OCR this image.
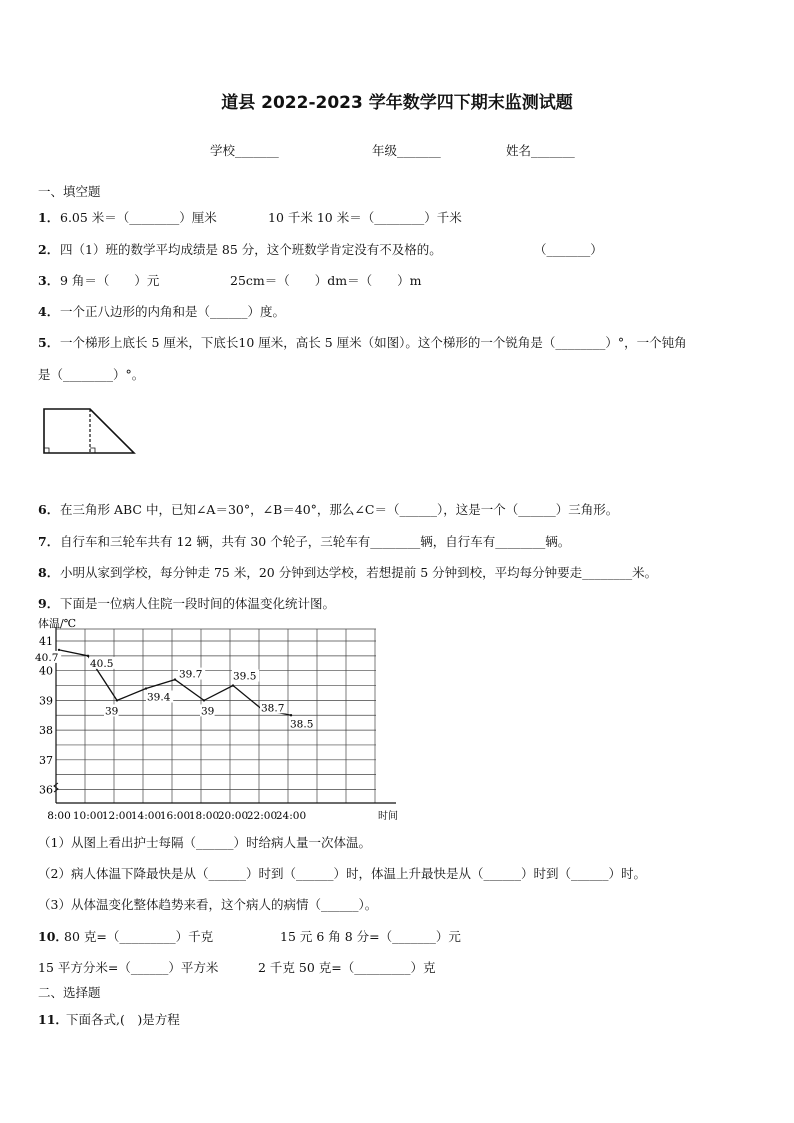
道县 2022-2023 学年数学四下期末监测试题
学校_______	年级_______	姓名_______
一、填空题
1． 6.05 米＝（________）厘米	10 千米 10 米＝（________）千米
2． 四（1）班的数学平均成绩是 85 分，这个班数学肯定没有不及格的。	（_______）
3． 9 角＝（　　）元	25cm＝（　　）dm＝（　　）m
4． 一个正八边形的内角和是（______）度。
5． 一个梯形上底长 5 厘米，下底长10 厘米，高长 5 厘米（如图）。这个梯形的一个锐角是（________）°，一个钝角
是（________）°。
6． 在三角形 ABC 中，已知∠A＝30°，∠B＝40°，那么∠C＝（______），这是一个（______）三角形。
7． 自行车和三轮车共有 12 辆，共有 30 个轮子，三轮车有________辆，自行车有________辆。
8． 小明从家到学校，每分钟走 75 米，20 分钟到达学校，若想提前 5 分钟到校，平均每分钟要走________米。
9． 下面是一位病人住院一段时间的体温变化统计图。
体温/℃
时间
36
37
38
39
40
41
8:00 10:00
12:00
14:00
16:00
18:00
20:00
22:00
24:00
40.7	40.5
39
39.4
39.7
39
39.5
38.7
38.5
（1）从图上看出护士每隔（______）时给病人量一次体温。
（2）病人体温下降最快是从（______）时到（______）时，体温上升最快是从（______）时到（______）时。
（3）从体温变化整体趋势来看，这个病人的病情（______）。
10．
80 克=（_________）千克	15 元 6 角 8 分=（_______）元
15 平方分米=（______）平方米	2 千克 50 克=（_________）克
二、选择题
11．
下面各式,(　)是方程
